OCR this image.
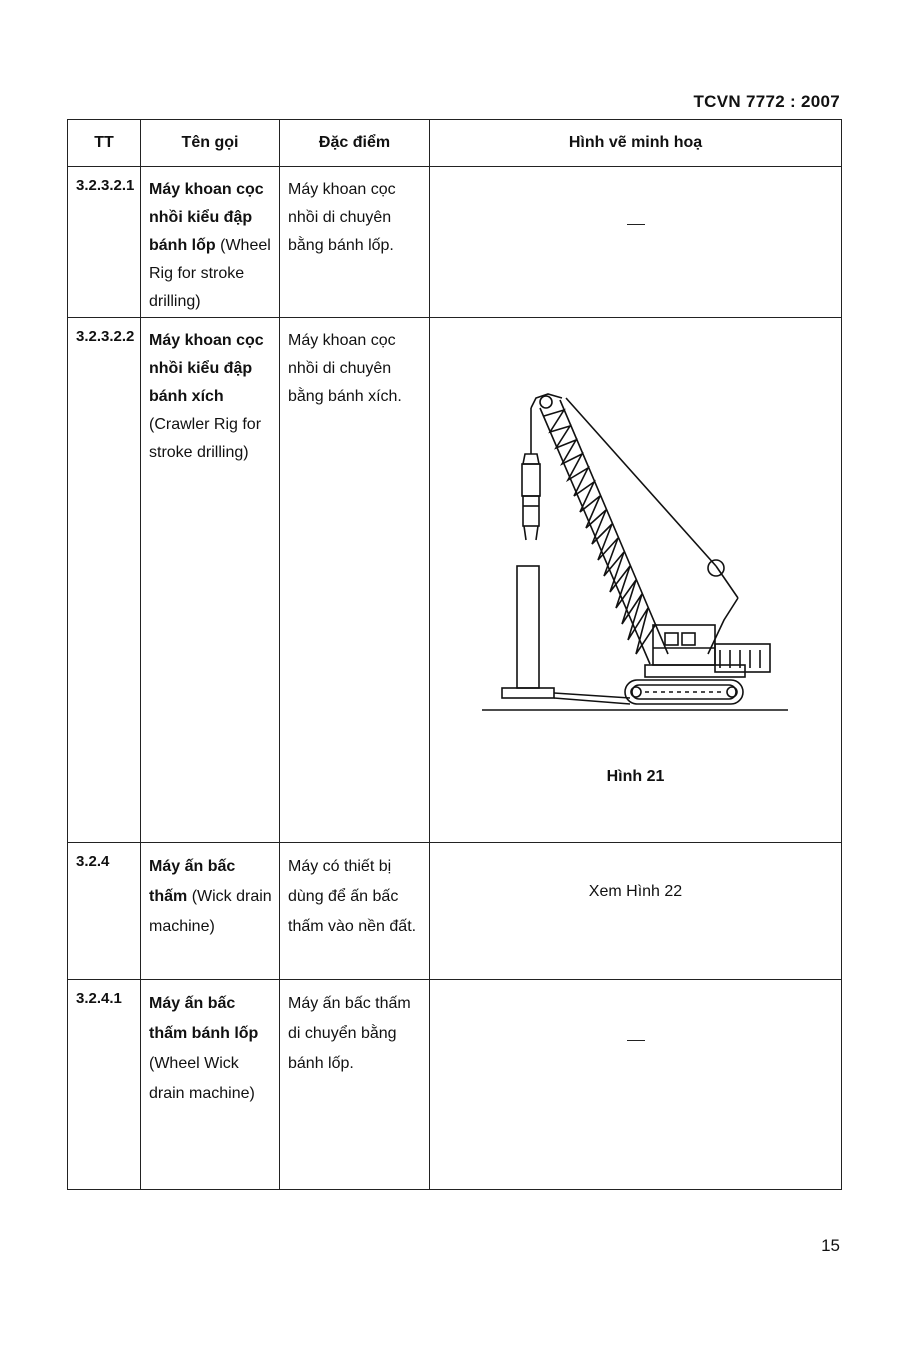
TCVN 7772 : 2007
TT	Tên gọi	Đặc điểm	Hình vẽ minh hoạ
3.2.3.2.1	Máy khoan cọc nhồi kiểu đập bánh lốp (Wheel Rig for stroke drilling)	Máy khoan cọc nhồi di chuyên bằng bánh lốp.	

3.2.3.2.2	Máy khoan cọc nhồi kiểu đập bánh xích (Crawler Rig for stroke drilling)	Máy khoan cọc nhồi di chuyên bằng bánh xích.	Hình 21

3.2.4	Máy ấn bấc thấm (Wick drain machine)	Máy có thiết bị dùng để ấn bấc thấm vào nền đất.	Xem Hình 22

3.2.4.1	Máy ấn bấc thấm bánh lốp (Wheel Wick drain machine)	Máy ấn bấc thấm di chuyển bằng bánh lốp.	
15
